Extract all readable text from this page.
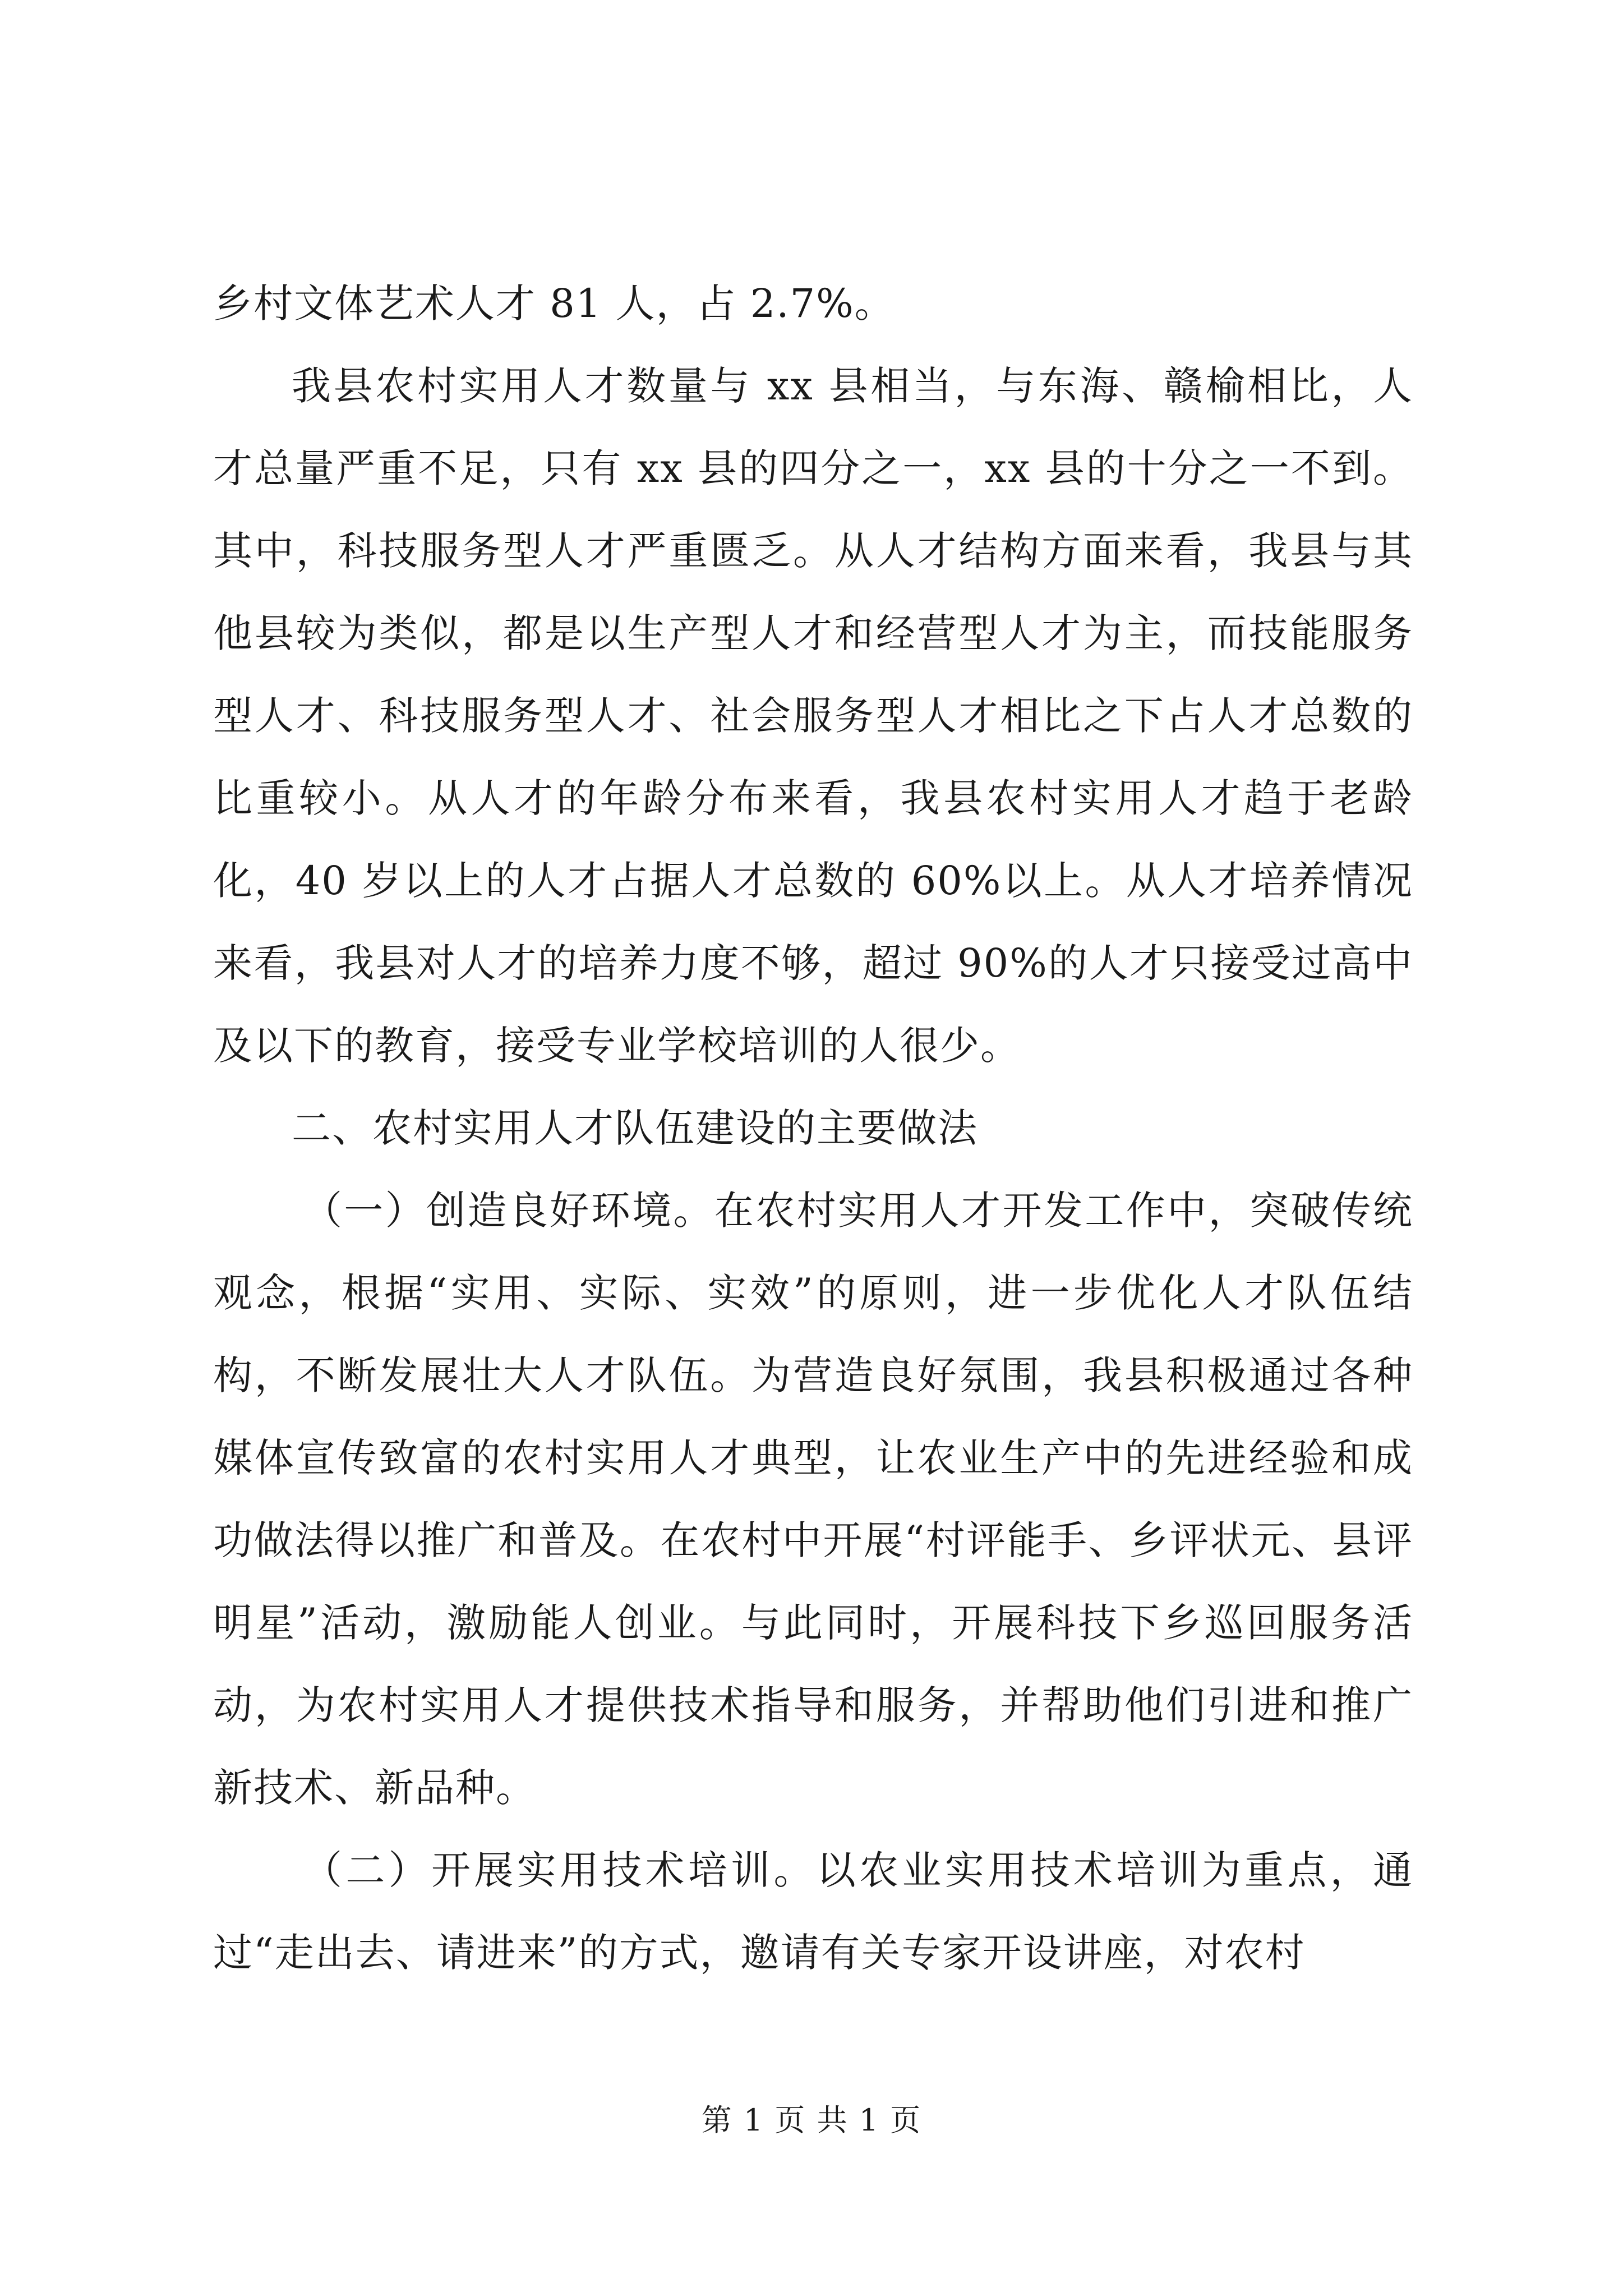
乡村文体艺术人才 81 人，占 2.7%。

我县农村实用人才数量与 xx 县相当，与东海、赣榆相比，人才总量严重不足，只有 xx 县的四分之一，xx 县的十分之一不到。其中，科技服务型人才严重匮乏。从人才结构方面来看，我县与其他县较为类似，都是以生产型人才和经营型人才为主，而技能服务型人才、科技服务型人才、社会服务型人才相比之下占人才总数的比重较小。从人才的年龄分布来看，我县农村实用人才趋于老龄化，40 岁以上的人才占据人才总数的 60%以上。从人才培养情况来看，我县对人才的培养力度不够，超过 90%的人才只接受过高中及以下的教育，接受专业学校培训的人很少。

二、农村实用人才队伍建设的主要做法

（一）创造良好环境。在农村实用人才开发工作中，突破传统观念，根据“实用、实际、实效”的原则，进一步优化人才队伍结构，不断发展壮大人才队伍。为营造良好氛围，我县积极通过各种媒体宣传致富的农村实用人才典型，让农业生产中的先进经验和成功做法得以推广和普及。在农村中开展“村评能手、乡评状元、县评明星”活动，激励能人创业。与此同时，开展科技下乡巡回服务活动，为农村实用人才提供技术指导和服务，并帮助他们引进和推广新技术、新品种。

（二）开展实用技术培训。以农业实用技术培训为重点，通过“走出去、请进来”的方式，邀请有关专家开设讲座，对农村

第 1 页 共 1 页
